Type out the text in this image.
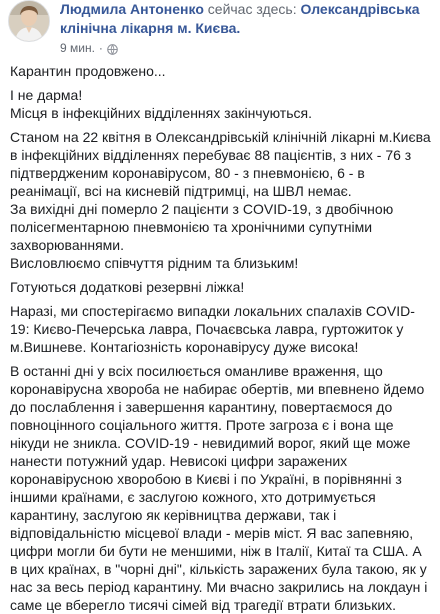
Людмила Антоненко сейчас здесь: Олександрівська клінічна лікарня м. Києва.
9 мин. ·

Карантин продовжено...

І не дарма!

Місця в інфекційних відділеннях закінчуються.

Станом на 22 квітня в Олександрівській клінічній лікарні м.Києва в інфекційних відділеннях перебуває 88 пацієнтів, з них - 76 з підтвердженим коронавірусом, 80 - з пневмонією, 6 - в реанімації, всі на кисневій підтримці, на ШВЛ немає.

За вихідні дні померло 2 пацієнти з COVID-19, з двобічною полісегментарною пневмонією та хронічними супутніми захворюваннями.

Висловлюємо співчуття рідним та близьким!

Готуються додаткові резервні ліжка!

Наразі, ми спостерігаємо випадки локальних спалахів COVID-19: Києво-Печерська лавра, Почаєвська лавра, гуртожиток у м.Вишневе. Контагіозність коронавірусу дуже висока!

В останні дні у всіх посилюється оманливе враження, що коронавірусна хвороба не набирає обертів, ми впевнено йдемо до послаблення і завершення карантину, повертаємося до повноцінного соціального життя. Проте загроза є і вона ще нікуди не зникла. COVID-19 - невидимий ворог, який ще може нанести потужний удар. Невисокі цифри заражених коронавірусною хворобою в Києві і по Україні, в порівнянні з іншими країнами, є заслугою кожного, хто дотримується карантину, заслугою як керівництва держави, так і відповідальністю місцевої влади - мерів міст. Я вас запевняю, цифри могли би бути не меншими, ніж в Італії, Китаї та США. А в цих країнах, в "чорні дні", кількість заражених була такою, як у нас за весь період карантину. Ми вчасно закрились на локдаун і саме це вберегло тисячі сімей від трагедії втрати близьких.
